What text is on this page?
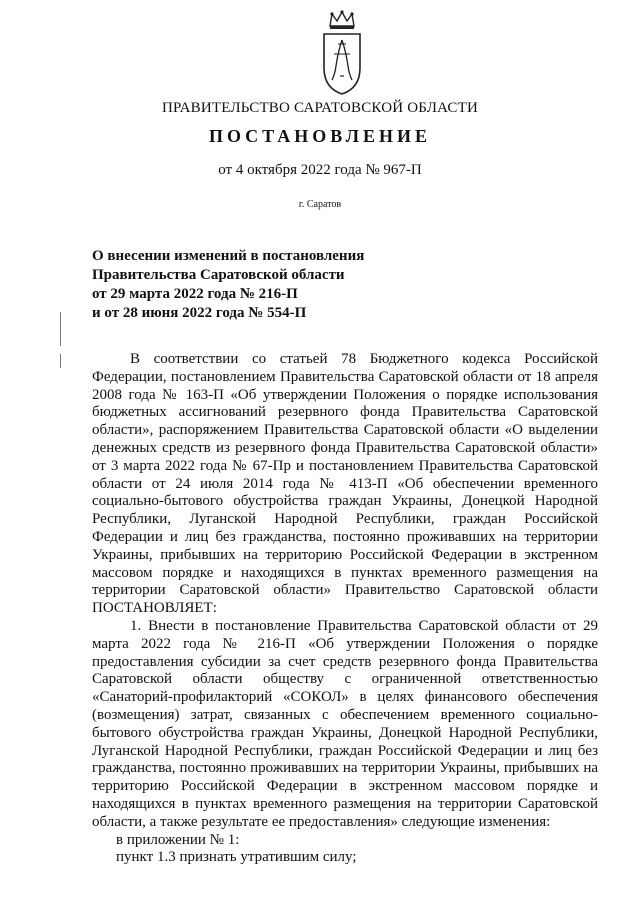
ПРАВИТЕЛЬСТВО САРАТОВСКОЙ ОБЛАСТИ
ПОСТАНОВЛЕНИЕ
от 4 октября 2022 года № 967-П
г. Саратов
О внесении изменений в постановления
Правительства Саратовской области
от 29 марта 2022 года № 216-П
и от 28 июня 2022 года № 554-П

В соответствии со статьей 78 Бюджетного кодекса Российской Федерации, постановлением Правительства Саратовской области от 18 апреля 2008 года № 163-П «Об утверждении Положения о порядке использования бюджетных ассигнований резервного фонда Правительства Саратовской области», распоряжением Правительства Саратовской области «О выделении денежных средств из резервного фонда Правительства Саратовской области» от 3 марта 2022 года № 67-Пр и постановлением Правительства Саратовской области от 24 июля 2014 года № 413-П «Об обеспечении временного социально-бытового обустройства граждан Украины, Донецкой Народной Республики, Луганской Народной Республики, граждан Российской Федерации и лиц без гражданства, постоянно проживавших на территории Украины, прибывших на территорию Российской Федерации в экстренном массовом порядке и находящихся в пунктах временного размещения на территории Саратовской области» Правительство Саратовской области ПОСТАНОВЛЯЕТ:

1. Внести в постановление Правительства Саратовской области от 29 марта 2022 года № 216-П «Об утверждении Положения о порядке предоставления субсидии за счет средств резервного фонда Правительства Саратовской области обществу с ограниченной ответственностью «Санаторий-профилакторий «СОКОЛ» в целях финансового обеспечения (возмещения) затрат, связанных с обеспечением временного социально-бытового обустройства граждан Украины, Донецкой Народной Республики, Луганской Народной Республики, граждан Российской Федерации и лиц без гражданства, постоянно проживавших на территории Украины, прибывших на территорию Российской Федерации в экстренном массовом порядке и находящихся в пунктах временного размещения на территории Саратовской области, а также результате ее предоставления» следующие изменения:

в приложении № 1:

пункт 1.3 признать утратившим силу;
